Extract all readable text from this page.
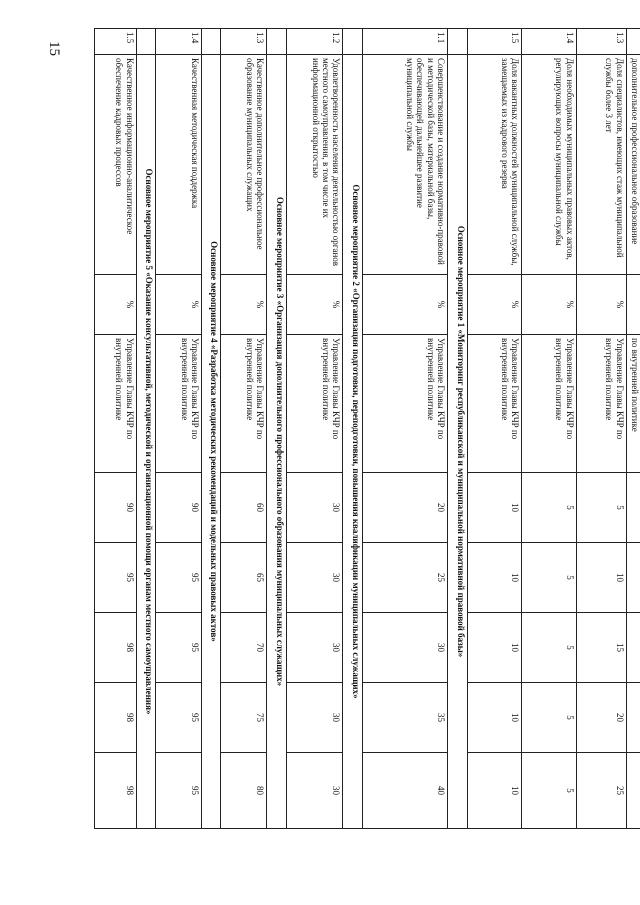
15
	дополнительное профессиональное образование		по внутренней политике					
1.3	Доля специалистов, имеющих стаж муниципальной службы более 3 лет	%	Управление Главы КЧР по внутренней политике	5	10	15	20	25
1.4	Доля необходимых муниципальных правовых актов, регулирующих вопросы муниципальной службы	%	Управление Главы КЧР по внутренней политике	5	5	5	5	5
1.5	Доля вакантных должностей муниципальной службы, замещаемых из кадрового резерва	%	Управление Главы КЧР по внутренней политике	10	10	10	10	10
	Основное мероприятие 1 «Мониторинг республиканской и муниципальной нормативной правовой базы»							
1.1	Совершенствование и создание нормативно-правовой и методической базы, материальной базы, обеспечивающей дальнейшее развитие муниципальной службы	%	Управление Главы КЧР по внутренней политике	20	25	30	35	40
	Основное мероприятие 2 «Организация подготовки, переподготовки, повышения квалификации муниципальных служащих»							
1.2	Удовлетворенность населения деятельностью органов местного самоуправления, в том числе их информационной открытостью	%	Управление Главы КЧР по внутренней политике	30	30	30	30	30
	Основное мероприятие 3 «Организация дополнительного профессионального образования муниципальных служащих»							
1.3	Качественное дополнительное профессиональное образование муниципальных служащих	%	Управление Главы КЧР по внутренней политике	60	65	70	75	80
	Основное мероприятие 4 «Разработка методических рекомендаций и модельных правовых актов»							
1.4	Качественная методическая поддержка	%	Управление Главы КЧР по внутренней политике	90	95	95	95	95
	Основное мероприятие 5 «Оказание консультативной, методической и организационной помощи органам местного самоуправления»							
1.5	Качественное информационно-аналитическое обеспечение кадровых процессов	%	Управление Главы КЧР по внутренней политике	90	95	98	98	98
